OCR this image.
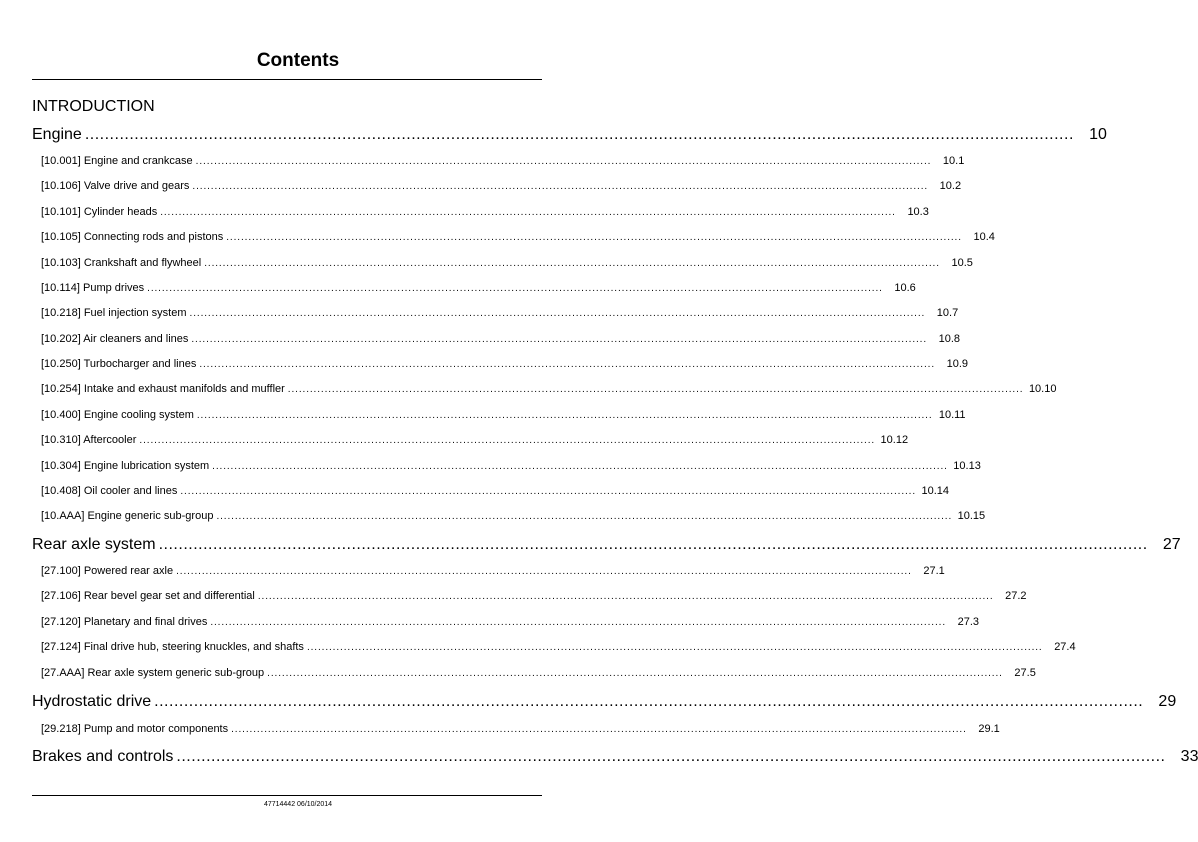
Contents
INTRODUCTION
Engine ........................................................................................................................................................................................................ 10
[10.001] Engine and crankcase ........................................................................................................................................................................................................	10.1
[10.106] Valve drive and gears ........................................................................................................................................................................................................	10.2
[10.101] Cylinder heads ........................................................................................................................................................................................................	10.3
[10.105] Connecting rods and pistons ........................................................................................................................................................................................................	10.4
[10.103] Crankshaft and flywheel ........................................................................................................................................................................................................	10.5
[10.114] Pump drives ........................................................................................................................................................................................................	10.6
[10.218] Fuel injection system ........................................................................................................................................................................................................	10.7
[10.202] Air cleaners and lines ........................................................................................................................................................................................................	10.8
[10.250] Turbocharger and lines ........................................................................................................................................................................................................	10.9
[10.254] Intake and exhaust manifolds and muffler ........................................................................................................................................................................................................ 10.10
[10.400] Engine cooling system ........................................................................................................................................................................................................ 10.11
[10.310] Aftercooler ........................................................................................................................................................................................................ 10.12
[10.304] Engine lubrication system ........................................................................................................................................................................................................ 10.13
[10.408] Oil cooler and lines ........................................................................................................................................................................................................ 10.14
[10.AAA] Engine generic sub-group ........................................................................................................................................................................................................ 10.15
Rear axle system ........................................................................................................................................................................................................ 27
[27.100] Powered rear axle ........................................................................................................................................................................................................	27.1
[27.106] Rear bevel gear set and differential ........................................................................................................................................................................................................	27.2
[27.120] Planetary and final drives ........................................................................................................................................................................................................	27.3
[27.124] Final drive hub, steering knuckles, and shafts ........................................................................................................................................................................................................	27.4
[27.AAA] Rear axle system generic sub-group ........................................................................................................................................................................................................	27.5
Hydrostatic drive ........................................................................................................................................................................................................ 29
[29.218] Pump and motor components ........................................................................................................................................................................................................	29.1
Brakes and controls ........................................................................................................................................................................................................ 33
47714442 06/10/2014
